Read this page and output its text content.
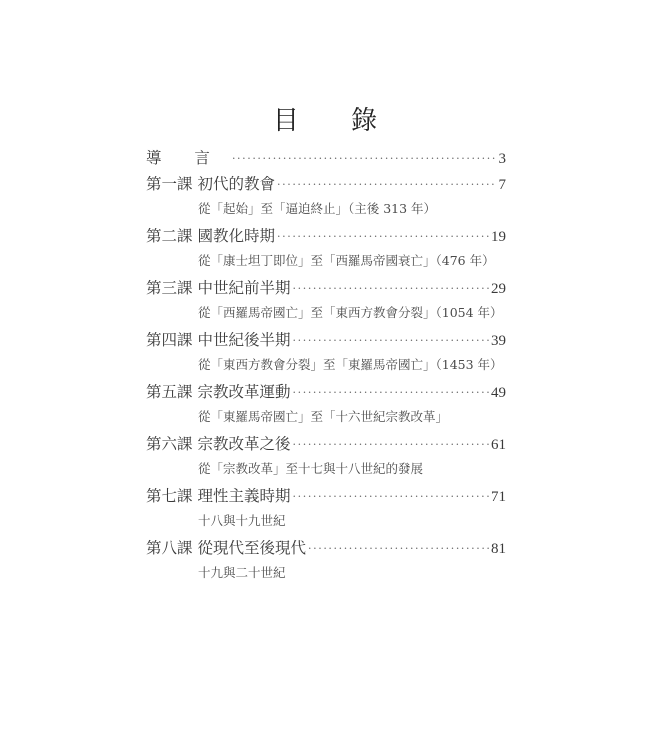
目 錄
導 言 ·····	3
第一課 初代的教會 ·····	7
從「起始」至「逼迫終止」（主後 313 年）
第二課 國教化時期 ·····	19
從「康士坦丁即位」至「西羅馬帝國衰亡」（476 年）
第三課 中世紀前半期 ·····	29
從「西羅馬帝國亡」至「東西方教會分裂」（1054 年）
第四課 中世紀後半期 ·····	39
從「東西方教會分裂」至「東羅馬帝國亡」（1453 年）
第五課 宗教改革運動 ·····	49
從「東羅馬帝國亡」至「十六世紀宗教改革」
第六課 宗教改革之後 ·····	61
從「宗教改革」至十七與十八世紀的發展
第七課 理性主義時期 ·····	71
十八與十九世紀
第八課 從現代至後現代 ·····	81
十九與二十世紀
